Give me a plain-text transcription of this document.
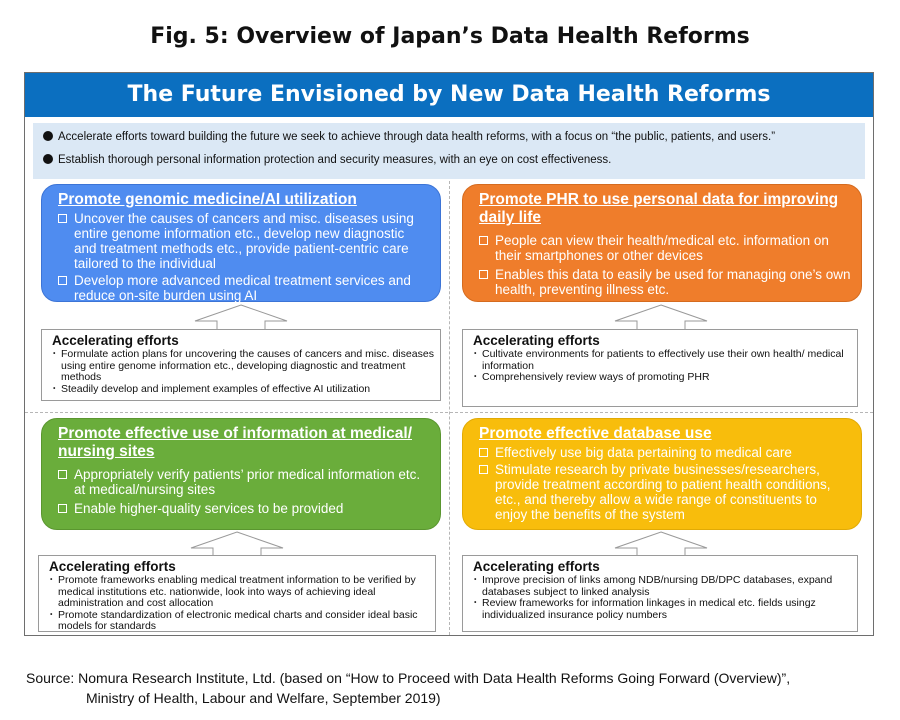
Fig. 5: Overview of Japan’s Data Health Reforms
The Future Envisioned by New Data Health Reforms
Accelerate efforts toward building the future we seek to achieve through data health reforms, with a focus on “the public, patients, and users.”
Establish thorough personal information protection and security measures, with an eye on cost effectiveness.
Promote genomic medicine/AI utilization
Uncover the causes of cancers and misc. diseases using entire genome information etc., develop new diagnostic and treatment methods etc., provide patient-centric care tailored to the individual
Develop more advanced medical treatment services and reduce on-site burden using AI
Promote PHR to use personal data for improving daily life
People can view their health/medical etc. information on their smartphones or other devices
Enables this data to easily be used for managing one’s own health, preventing illness etc.
Accelerating efforts
・ Formulate action plans for uncovering the causes of cancers and misc. diseases using entire genome information etc., developing diagnostic and treatment methods
・ Steadily develop and implement examples of effective AI utilization
Accelerating efforts
・ Cultivate environments for patients to effectively use their own health/ medical information
・ Comprehensively review ways of promoting PHR
Promote effective use of information at medical/ nursing sites
Appropriately verify patients’ prior medical information etc. at medical/nursing sites
Enable higher-quality services to be provided
Promote effective database use
Effectively use big data pertaining to medical care
Stimulate research by private businesses/researchers, provide treatment according to patient health conditions, etc., and thereby allow a wide range of constituents to enjoy the benefits of the system
Accelerating efforts
・ Promote frameworks enabling medical treatment information to be verified by medical institutions etc. nationwide, look into ways of achieving ideal administration and cost allocation
・ Promote standardization of electronic medical charts and consider ideal basic models for standards
Accelerating efforts
・ Improve precision of links among NDB/nursing DB/DPC databases, expand databases subject to linked analysis
・ Review frameworks for information linkages in medical etc. fields usingz individualized insurance policy numbers
Source: Nomura Research Institute, Ltd. (based on “How to Proceed with Data Health Reforms Going Forward (Overview)”,
Ministry of Health, Labour and Welfare, September 2019)
